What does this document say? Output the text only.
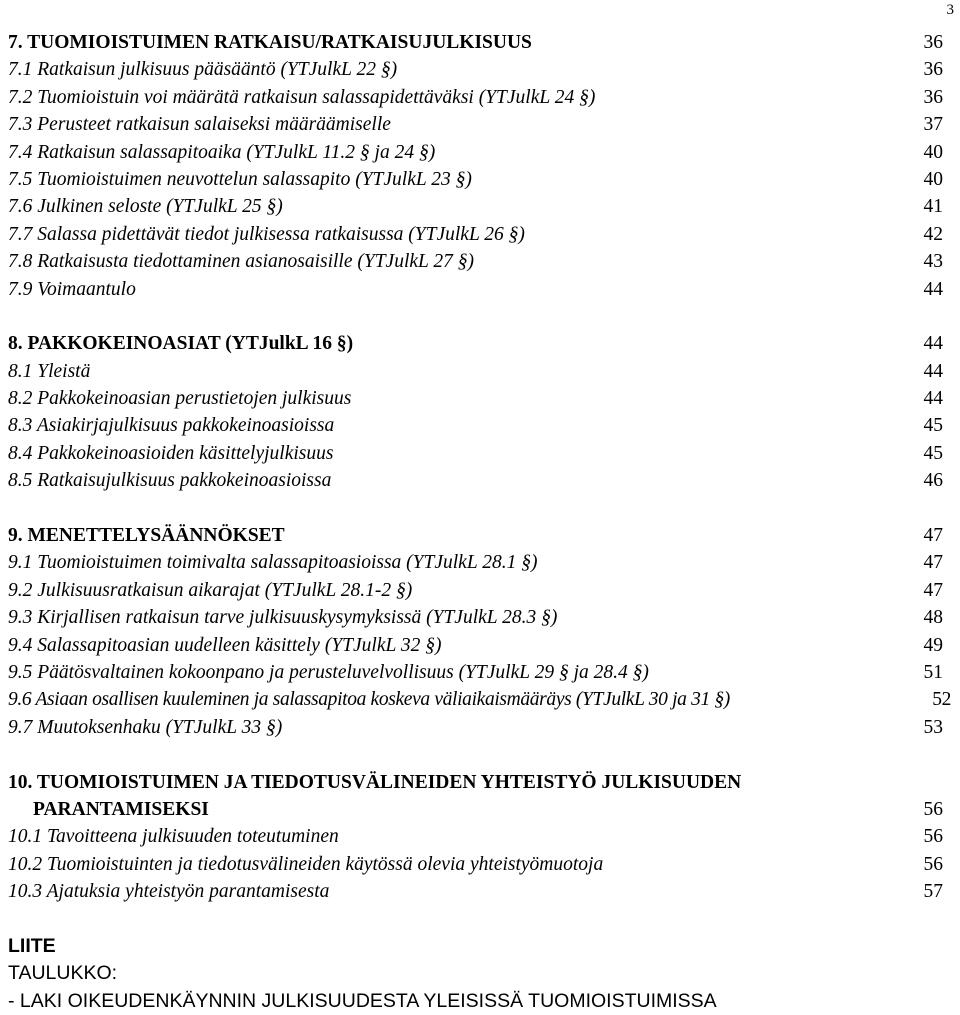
3
7. TUOMIOISTUIMEN RATKAISU/RATKAISUJULKISUUS	36
7.1 Ratkaisun julkisuus pääsääntö (YTJulkL 22 §)	36
7.2 Tuomioistuin voi määrätä ratkaisun salassapidettäväksi (YTJulkL 24 §)	36
7.3 Perusteet ratkaisun salaiseksi määräämiselle	37
7.4 Ratkaisun salassapitoaika (YTJulkL 11.2 § ja 24 §)	40
7.5 Tuomioistuimen neuvottelun salassapito (YTJulkL 23 §)	40
7.6 Julkinen seloste (YTJulkL 25 §)	41
7.7 Salassa pidettävät tiedot julkisessa ratkaisussa (YTJulkL 26 §)	42
7.8 Ratkaisusta tiedottaminen asianosaisille (YTJulkL 27 §)	43
7.9 Voimaantulo	44
8. PAKKOKEINOASIAT (YTJulkL 16 §)	44
8.1 Yleistä	44
8.2 Pakkokeinoasian perustietojen julkisuus	44
8.3 Asiakirjajulkisuus pakkokeinoasioissa	45
8.4 Pakkokeinoasioiden käsittelyjulkisuus	45
8.5 Ratkaisujulkisuus pakkokeinoasioissa	46
9. MENETTELYSÄÄNNÖKSET	47
9.1 Tuomioistuimen toimivalta salassapitoasioissa (YTJulkL 28.1 §)	47
9.2 Julkisuusratkaisun aikarajat (YTJulkL 28.1-2 §)	47
9.3 Kirjallisen ratkaisun tarve julkisuuskysymyksissä (YTJulkL 28.3 §)	48
9.4 Salassapitoasian uudelleen käsittely (YTJulkL 32 §)	49
9.5 Päätösvaltainen kokoonpano ja perusteluvelvollisuus (YTJulkL 29 § ja 28.4 §)	51
9.6 Asiaan osallisen kuuleminen ja salassapitoa koskeva väliaikaismääräys (YTJulkL 30 ja 31 §)	52
9.7 Muutoksenhaku (YTJulkL 33 §)	53
10. TUOMIOISTUIMEN JA TIEDOTUSVÄLINEIDEN YHTEISTYÖ JULKISUUDEN
PARANTAMISEKSI	56
10.1 Tavoitteena julkisuuden toteutuminen	56
10.2 Tuomioistuinten ja tiedotusvälineiden käytössä olevia yhteistyömuotoja	56
10.3 Ajatuksia yhteistyön parantamisesta	57
LIITE
TAULUKKO:
- LAKI OIKEUDENKÄYNNIN JULKISUUDESTA YLEISISSÄ TUOMIOISTUIMISSA
